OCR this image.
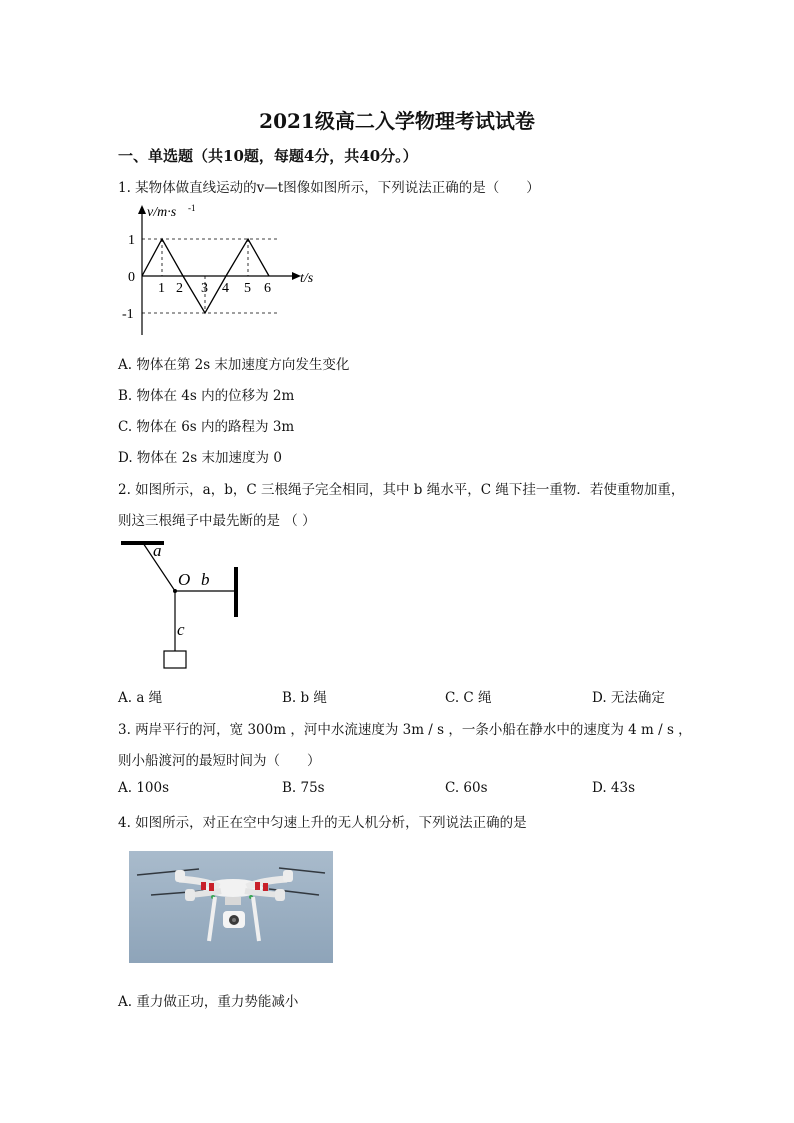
2021级高二入学物理考试试卷
一、单选题（共10题，每题4分，共40分。）
1. 某物体做直线运动的v—t图像如图所示，下列说法正确的是（　　）
v/m·s -1
t/s
1
0
-1
1 2 3 4 5 6
A. 物体在第 2s 末加速度方向发生变化
B. 物体在 4s 内的位移为 2m
C. 物体在 6s 内的路程为 3m
D. 物体在 2s 末加速度为 0
2. 如图所示，a，b，C 三根绳子完全相同，其中 b 绳水平，C 绳下挂一重物．若使重物加重，
则这三根绳子中最先断的是 （ ）
a
O b
c
A. a 绳	B. b 绳	C. C 绳	D. 无法确定
3. 两岸平行的河，宽 300m ，河中水流速度为 3m / s ，一条小船在静水中的速度为 4 m / s ，
则小船渡河的最短时间为（　　）
A. 100s	B. 75s	C. 60s	D. 43s
4. 如图所示，对正在空中匀速上升的无人机分析，下列说法正确的是
A. 重力做正功，重力势能减小
